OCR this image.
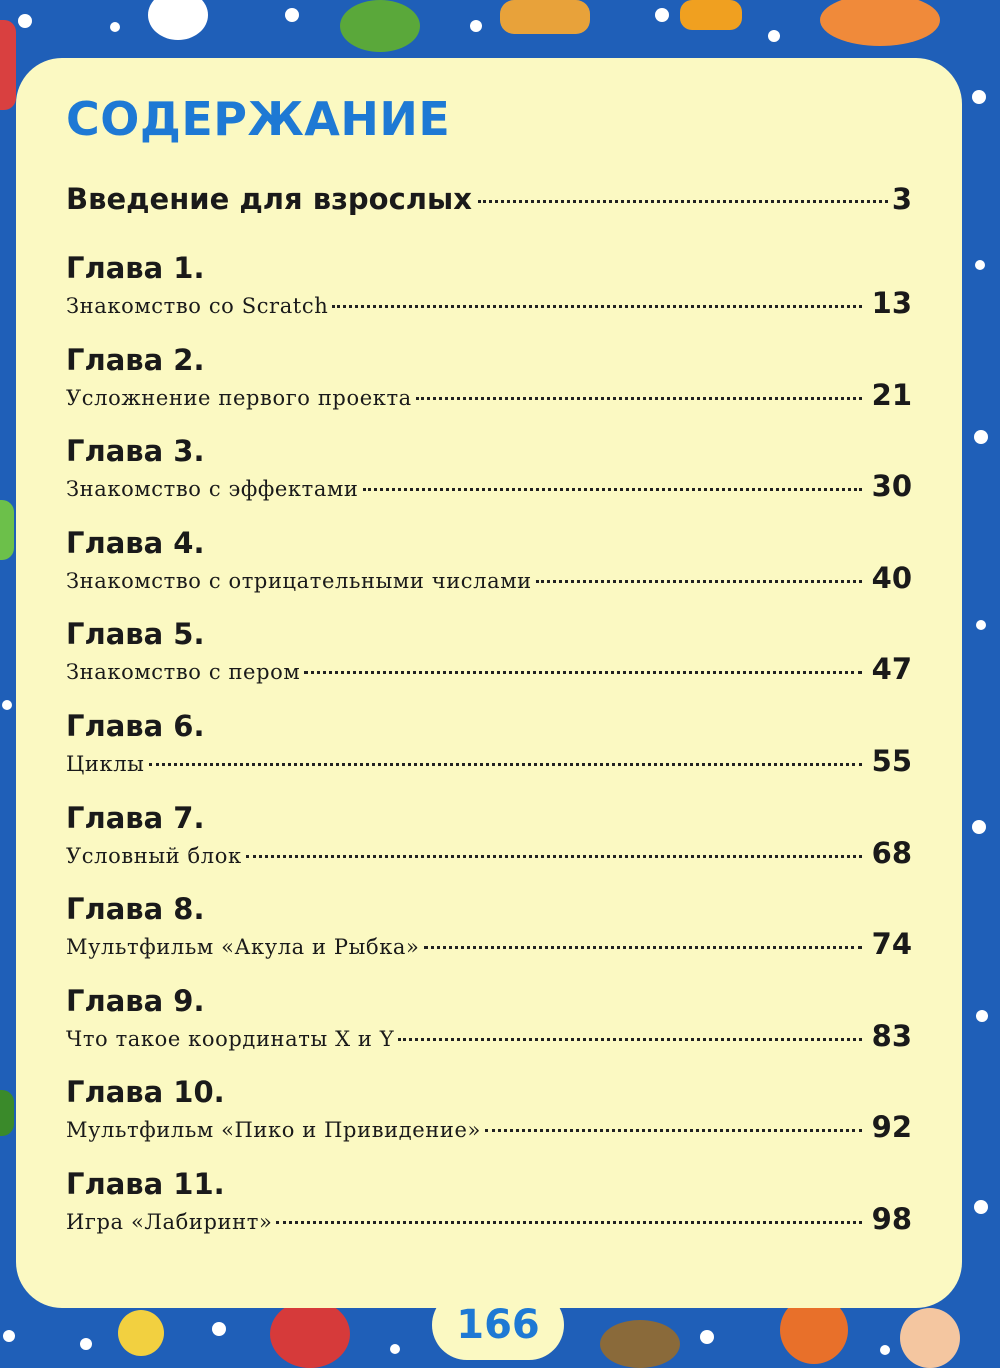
СОДЕРЖАНИЕ
Введение для взрослых	3
Глава 1.
Знакомство со Scratch	13
Глава 2.
Усложнение первого проекта	21
Глава 3.
Знакомство с эффектами	30
Глава 4.
Знакомство с отрицательными числами	40
Глава 5.
Знакомство с пером	47
Глава 6.
Циклы	55
Глава 7.
Условный блок	68
Глава 8.
Мультфильм «Акула и Рыбка»	74
Глава 9.
Что такое координаты X и Y	83
Глава 10.
Мультфильм «Пико и Привидение»	92
Глава 11.
Игра «Лабиринт»	98
166
